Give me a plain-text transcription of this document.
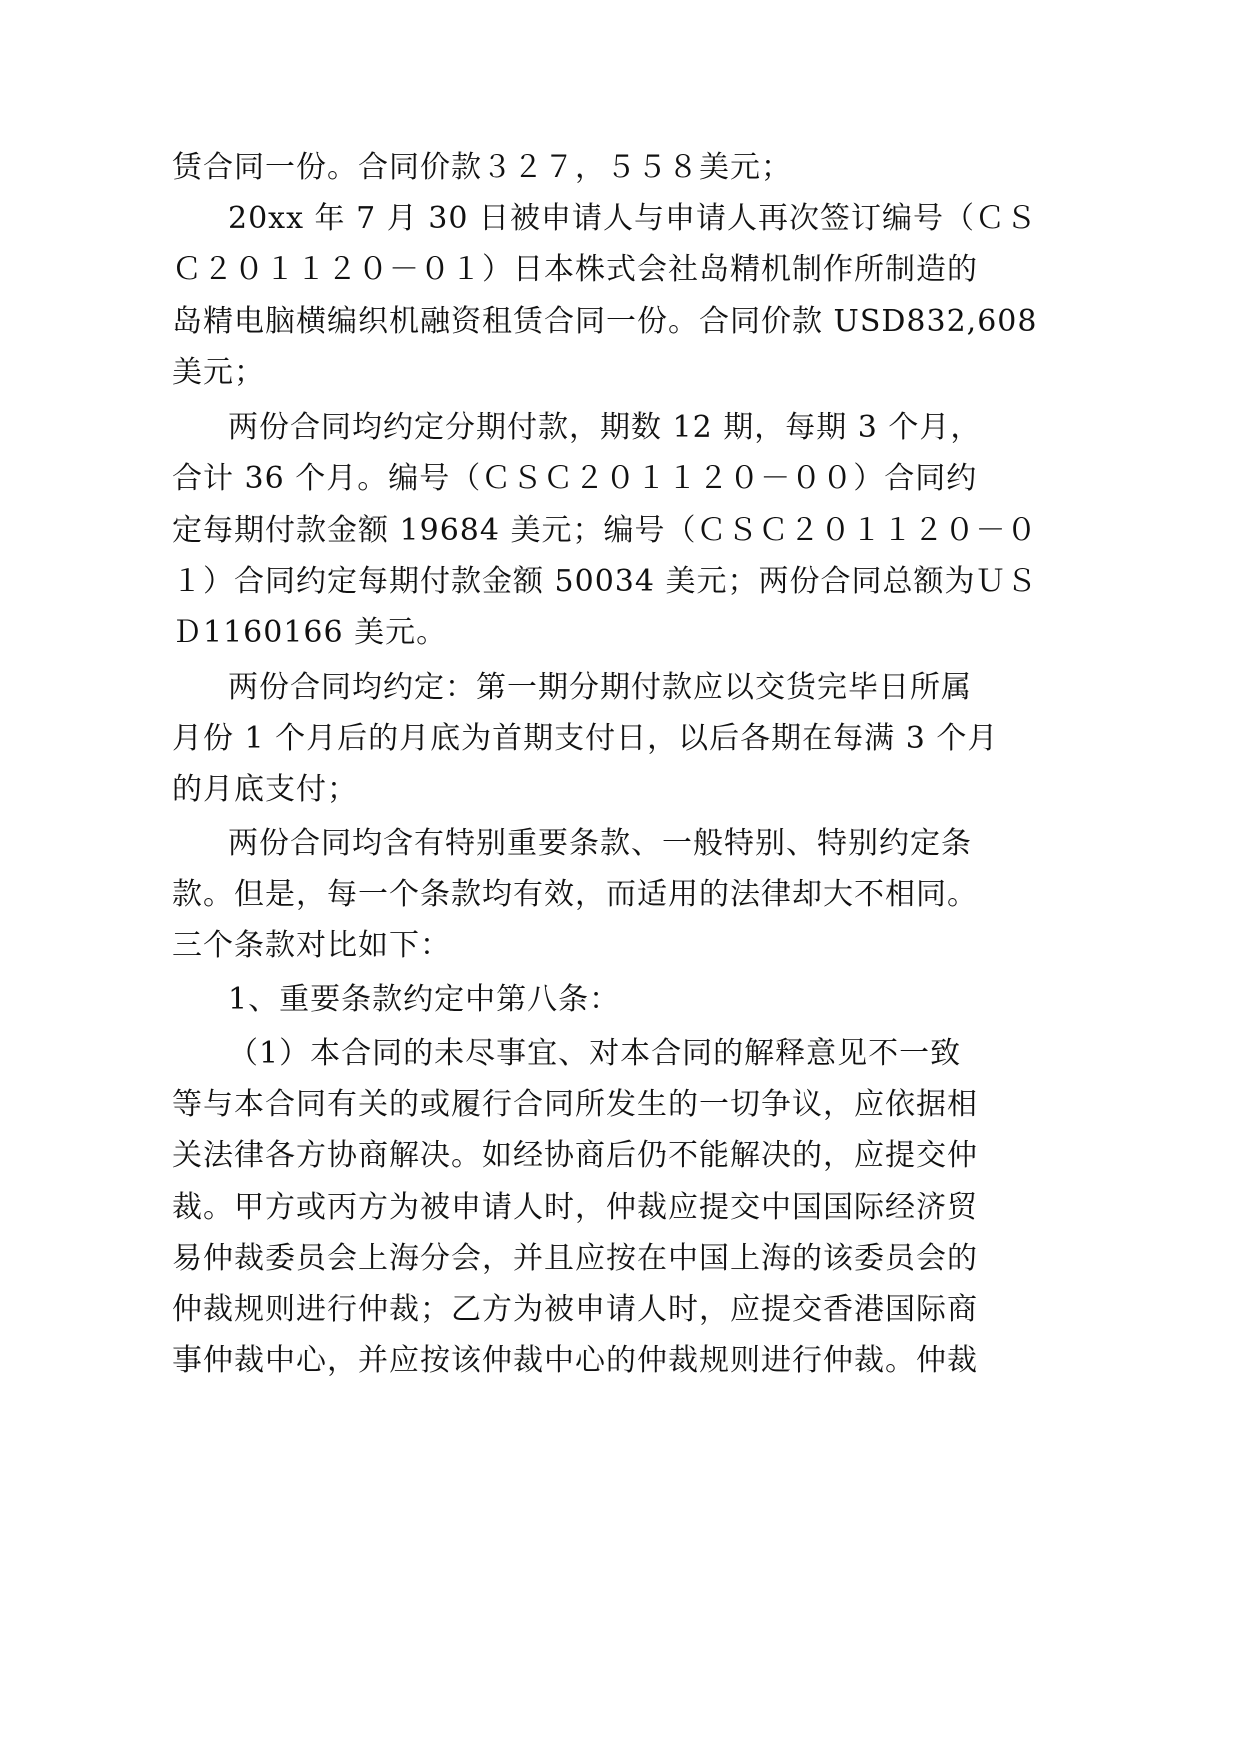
赁合同一份。合同价款３２７，５５８美元；
20xx 年 7 月 30 日被申请人与申请人再次签订编号（ＣＳ
Ｃ２０１１２０－０１）日本株式会社岛精机制作所制造的
岛精电脑横编织机融资租赁合同一份。合同价款 USD832,608
美元；
两份合同均约定分期付款，期数 12 期，每期 3 个月，
合计 36 个月。编号（ＣＳＣ２０１１２０－００）合同约
定每期付款金额 19684 美元；编号（ＣＳＣ２０１１２０－０
１）合同约定每期付款金额 50034 美元；两份合同总额为ＵＳ
Ｄ1160166 美元。
两份合同均约定：第一期分期付款应以交货完毕日所属
月份 1 个月后的月底为首期支付日，以后各期在每满 3 个月
的月底支付；
两份合同均含有特别重要条款、一般特别、特别约定条
款。但是，每一个条款均有效，而适用的法律却大不相同。
三个条款对比如下：
1、重要条款约定中第八条：
（1）本合同的未尽事宜、对本合同的解释意见不一致
等与本合同有关的或履行合同所发生的一切争议，应依据相
关法律各方协商解决。如经协商后仍不能解决的，应提交仲
裁。甲方或丙方为被申请人时，仲裁应提交中国国际经济贸
易仲裁委员会上海分会，并且应按在中国上海的该委员会的
仲裁规则进行仲裁；乙方为被申请人时，应提交香港国际商
事仲裁中心，并应按该仲裁中心的仲裁规则进行仲裁。仲裁
